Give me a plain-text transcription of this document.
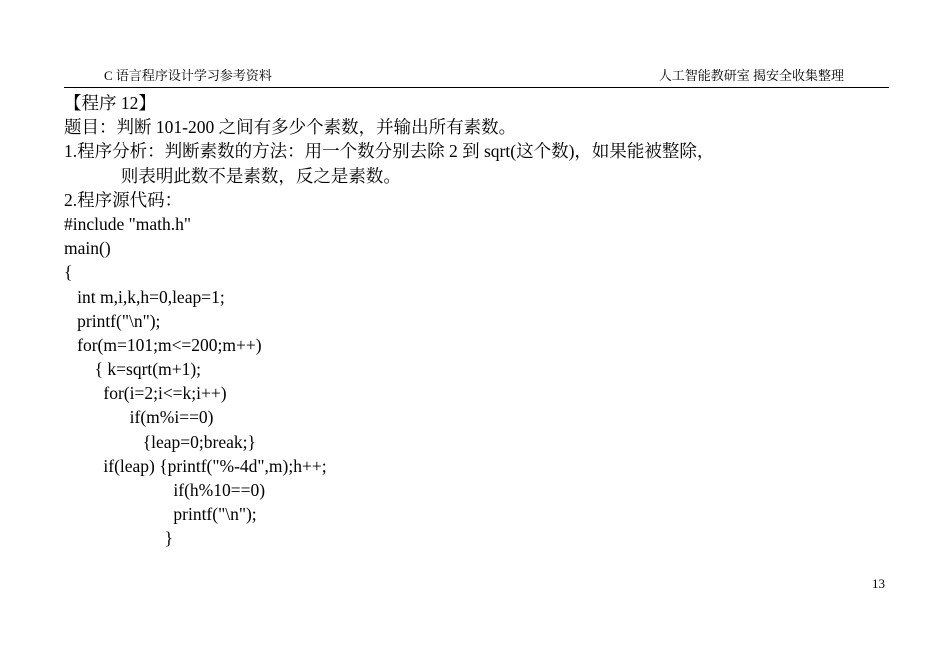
C 语言程序设计学习参考资料	人工智能教研室 揭安全收集整理
【程序 12】
题目：判断 101-200 之间有多少个素数，并输出所有素数。
1.程序分析：判断素数的方法：用一个数分别去除 2 到 sqrt(这个数)，如果能被整除，
则表明此数不是素数，反之是素数。
2.程序源代码：
#include "math.h"
main()
{
int m,i,k,h=0,leap=1;
printf("\n");
for(m=101;m<=200;m++)
{ k=sqrt(m+1);
for(i=2;i<=k;i++)
if(m%i==0)
{leap=0;break;}
if(leap) {printf("%-4d",m);h++;
if(h%10==0)
printf("\n");
}
13
